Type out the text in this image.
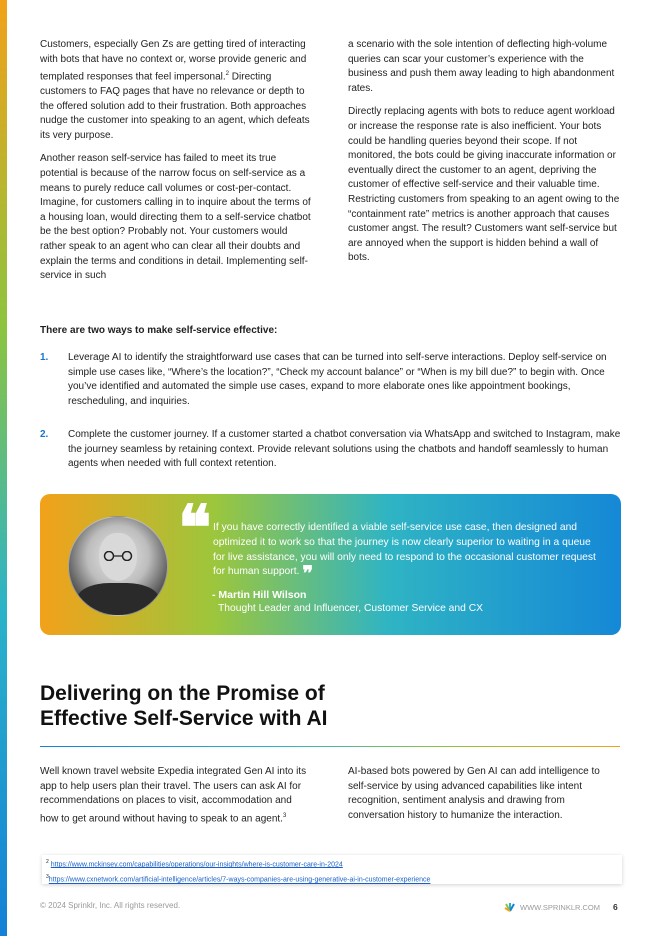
Customers, especially Gen Zs are getting tired of interacting with bots that have no context or, worse provide generic and templated responses that feel impersonal.$^2$ Directing customers to FAQ pages that have no relevance or depth to the offered solution add to their frustration. Both approaches nudge the customer into speaking to an agent, which defeats its very purpose.

Another reason self-service has failed to meet its true potential is because of the narrow focus on self-service as a means to purely reduce call volumes or cost-per-contact. Imagine, for customers calling in to inquire about the terms of a housing loan, would directing them to a self-service chatbot be the best option? Probably not. Your customers would rather speak to an agent who can clear all their doubts and explain the terms and conditions in detail. Implementing self-service in such

a scenario with the sole intention of deflecting high-volume queries can scar your customer’s experience with the business and push them away leading to high abandonment rates.

Directly replacing agents with bots to reduce agent workload or increase the response rate is also inefficient. Your bots could be handling queries beyond their scope. If not monitored, the bots could be giving inaccurate information or eventually direct the customer to an agent, depriving the customer of effective self-service and their valuable time. Restricting customers from speaking to an agent owing to the “containment rate” metrics is another approach that causes customer angst. The result? Customers want self-service but are annoyed when the support is hidden behind a wall of bots.

There are two ways to make self-service effective:
1. Leverage AI to identify the straightforward use cases that can be turned into self-serve interactions. Deploy self-service on simple use cases like, “Where’s the location?”, “Check my account balance” or “When is my bill due?” to begin with. Once you’ve identified and automated the simple use cases, expand to more elaborate ones like appointment bookings, rescheduling, and inquiries.
2. Complete the customer journey. If a customer started a chatbot conversation via WhatsApp and switched to Instagram, make the journey seamless by retaining context. Provide relevant solutions using the chatbots and handoff seamlessly to human agents when needed with full context retention.
❝ If you have correctly identified a viable self-service use case, then designed and optimized it to work so that the journey is now clearly superior to waiting in a queue for live assistance, you will only need to respond to the occasional customer request for human support. ❞
- Martin Hill Wilson
Thought Leader and Influencer, Customer Service and CX
Delivering on the Promise of
Effective Self-Service with AI

Well known travel website Expedia integrated Gen AI into its app to help users plan their travel. The users can ask AI for recommendations on places to visit, accommodation and how to get around without having to speak to an agent.$^3$

AI-based bots powered by Gen AI can add intelligence to self-service by using advanced capabilities like intent recognition, sentiment analysis and drawing from conversation history to humanize the interaction.

$^2$ https://www.mckinsey.com/capabilities/operations/our-insights/where-is-customer-care-in-2024
$^3$https://www.cxnetwork.com/artificial-intelligence/articles/7-ways-companies-are-using-generative-ai-in-customer-experience
© 2024 Sprinklr, Inc. All rights reserved.	WWW.SPRINKLR.COM 6
